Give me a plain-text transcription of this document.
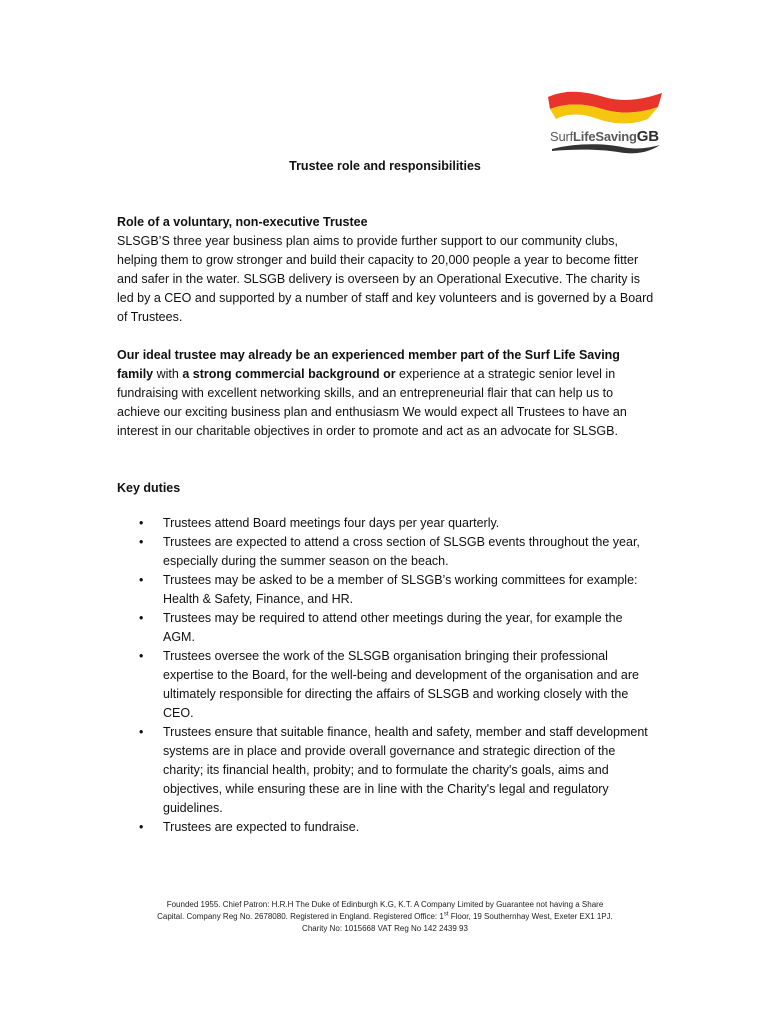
SurfLifeSavingGB
Trustee role and responsibilities

Role of a voluntary, non-executive Trustee

SLSGB’S three year business plan aims to provide further support to our community clubs, helping them to grow stronger and build their capacity to 20,000 people a year to become fitter and safer in the water. SLSGB delivery is overseen by an Operational Executive. The charity is led by a CEO and supported by a number of staff and key volunteers and is governed by a Board of Trustees.

Our ideal trustee may already be an experienced member part of the Surf Life Saving family with a strong commercial background or experience at a strategic senior level in fundraising with excellent networking skills, and an entrepreneurial flair that can help us to achieve our exciting business plan and enthusiasm We would expect all Trustees to have an interest in our charitable objectives in order to promote and act as an advocate for SLSGB.

Key duties

• Trustees attend Board meetings four days per year quarterly.
• Trustees are expected to attend a cross section of SLSGB events throughout the year, especially during the summer season on the beach.
• Trustees may be asked to be a member of SLSGB’s working committees for example: Health & Safety, Finance, and HR.
• Trustees may be required to attend other meetings during the year, for example the AGM.
• Trustees oversee the work of the SLSGB organisation bringing their professional expertise to the Board, for the well-being and development of the organisation and are ultimately responsible for directing the affairs of SLSGB and working closely with the CEO.
• Trustees ensure that suitable finance, health and safety, member and staff development systems are in place and provide overall governance and strategic direction of the charity; its financial health, probity; and to formulate the charity's goals, aims and objectives, while ensuring these are in line with the Charity's legal and regulatory guidelines.
• Trustees are expected to fundraise.
Founded 1955. Chief Patron: H.R.H The Duke of Edinburgh K.G, K.T. A Company Limited by Guarantee not having a Share
Capital. Company Reg No. 2678080. Registered in England. Registered Office: 1st Floor, 19 Southernhay West, Exeter EX1 1PJ.
Charity No: 1015668 VAT Reg No 142 2439 93
